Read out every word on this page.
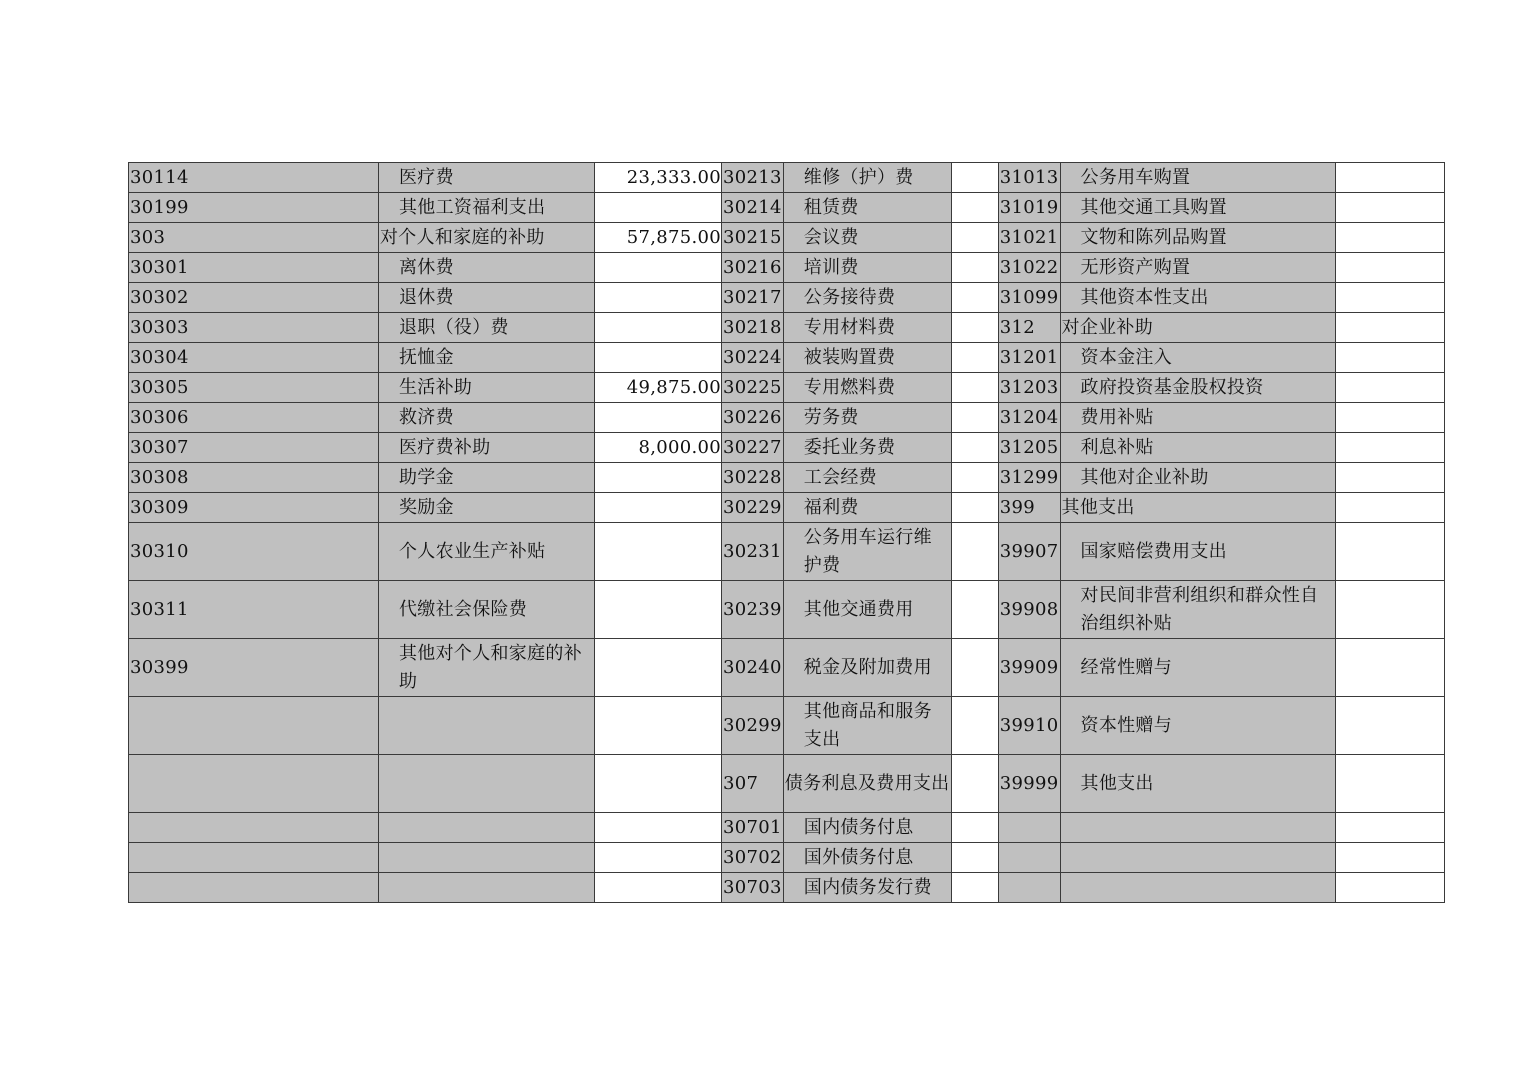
30114	医疗费	23,333.00	30213	维修（护）费		31013	公务用车购置	
30199	其他工资福利支出		30214	租赁费		31019	其他交通工具购置	
303	对个人和家庭的补助	57,875.00	30215	会议费		31021	文物和陈列品购置	
30301	离休费		30216	培训费		31022	无形资产购置	
30302	退休费		30217	公务接待费		31099	其他资本性支出	
30303	退职（役）费		30218	专用材料费		312	对企业补助	
30304	抚恤金		30224	被装购置费		31201	资本金注入	
30305	生活补助	49,875.00	30225	专用燃料费		31203	政府投资基金股权投资	
30306	救济费		30226	劳务费		31204	费用补贴	
30307	医疗费补助	8,000.00	30227	委托业务费		31205	利息补贴	
30308	助学金		30228	工会经费		31299	其他对企业补助	
30309	奖励金		30229	福利费		399	其他支出	
30310	个人农业生产补贴		30231	公务用车运行维护费		39907	国家赔偿费用支出	
30311	代缴社会保险费		30239	其他交通费用		39908	对民间非营利组织和群众性自治组织补贴	
30399	其他对个人和家庭的补助		30240	税金及附加费用		39909	经常性赠与	
			30299	其他商品和服务支出		39910	资本性赠与	
			307	债务利息及费用支出		39999	其他支出	
			30701	国内债务付息				
			30702	国外债务付息				
			30703	国内债务发行费				
